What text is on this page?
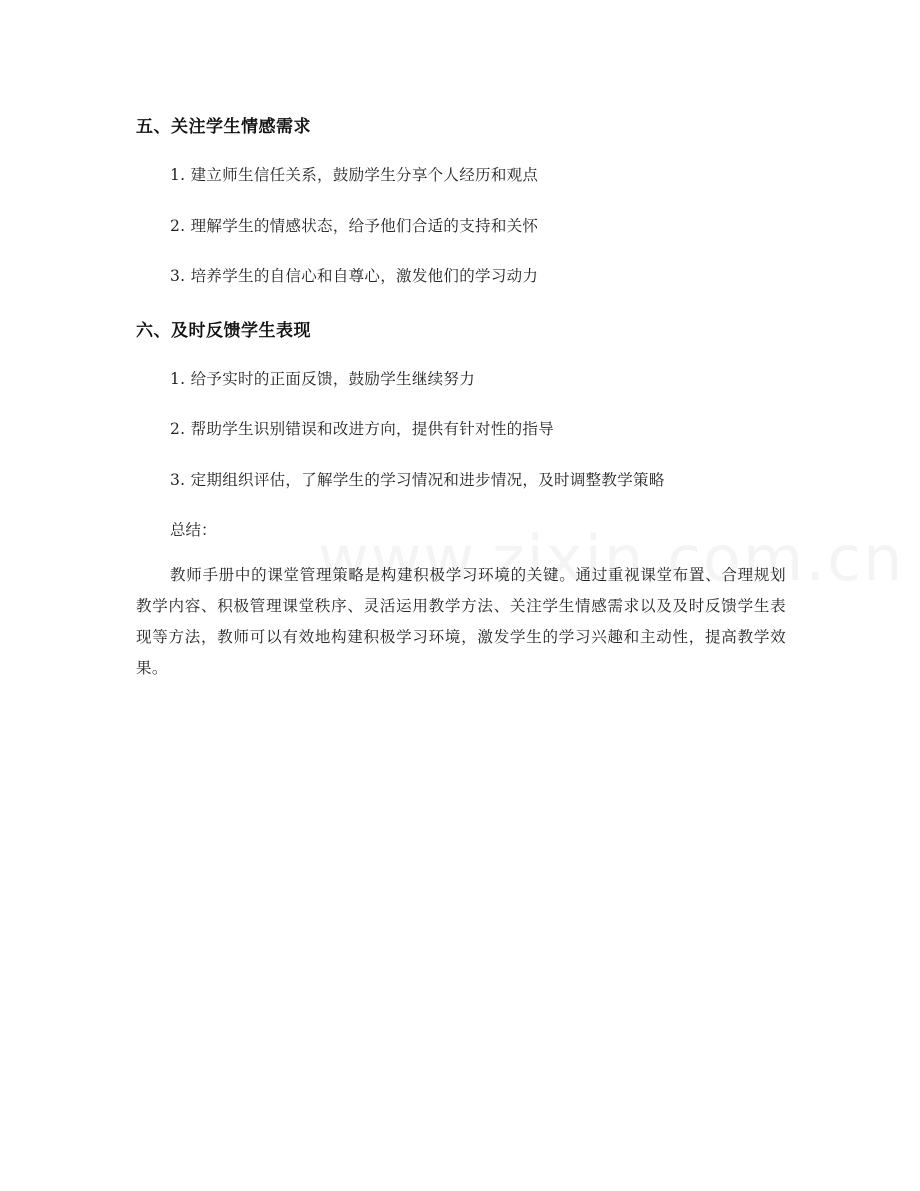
五、关注学生情感需求
1. 建立师生信任关系，鼓励学生分享个人经历和观点
2. 理解学生的情感状态，给予他们合适的支持和关怀
3. 培养学生的自信心和自尊心，激发他们的学习动力
六、及时反馈学生表现
1. 给予实时的正面反馈，鼓励学生继续努力
2. 帮助学生识别错误和改进方向，提供有针对性的指导
3. 定期组织评估，了解学生的学习情况和进步情况，及时调整教学策略
总结：
教师手册中的课堂管理策略是构建积极学习环境的关键。通过重视课堂布置、合理规划教学内容、积极管理课堂秩序、灵活运用教学方法、关注学生情感需求以及及时反馈学生表现等方法，教师可以有效地构建积极学习环境，激发学生的学习兴趣和主动性，提高教学效果。
